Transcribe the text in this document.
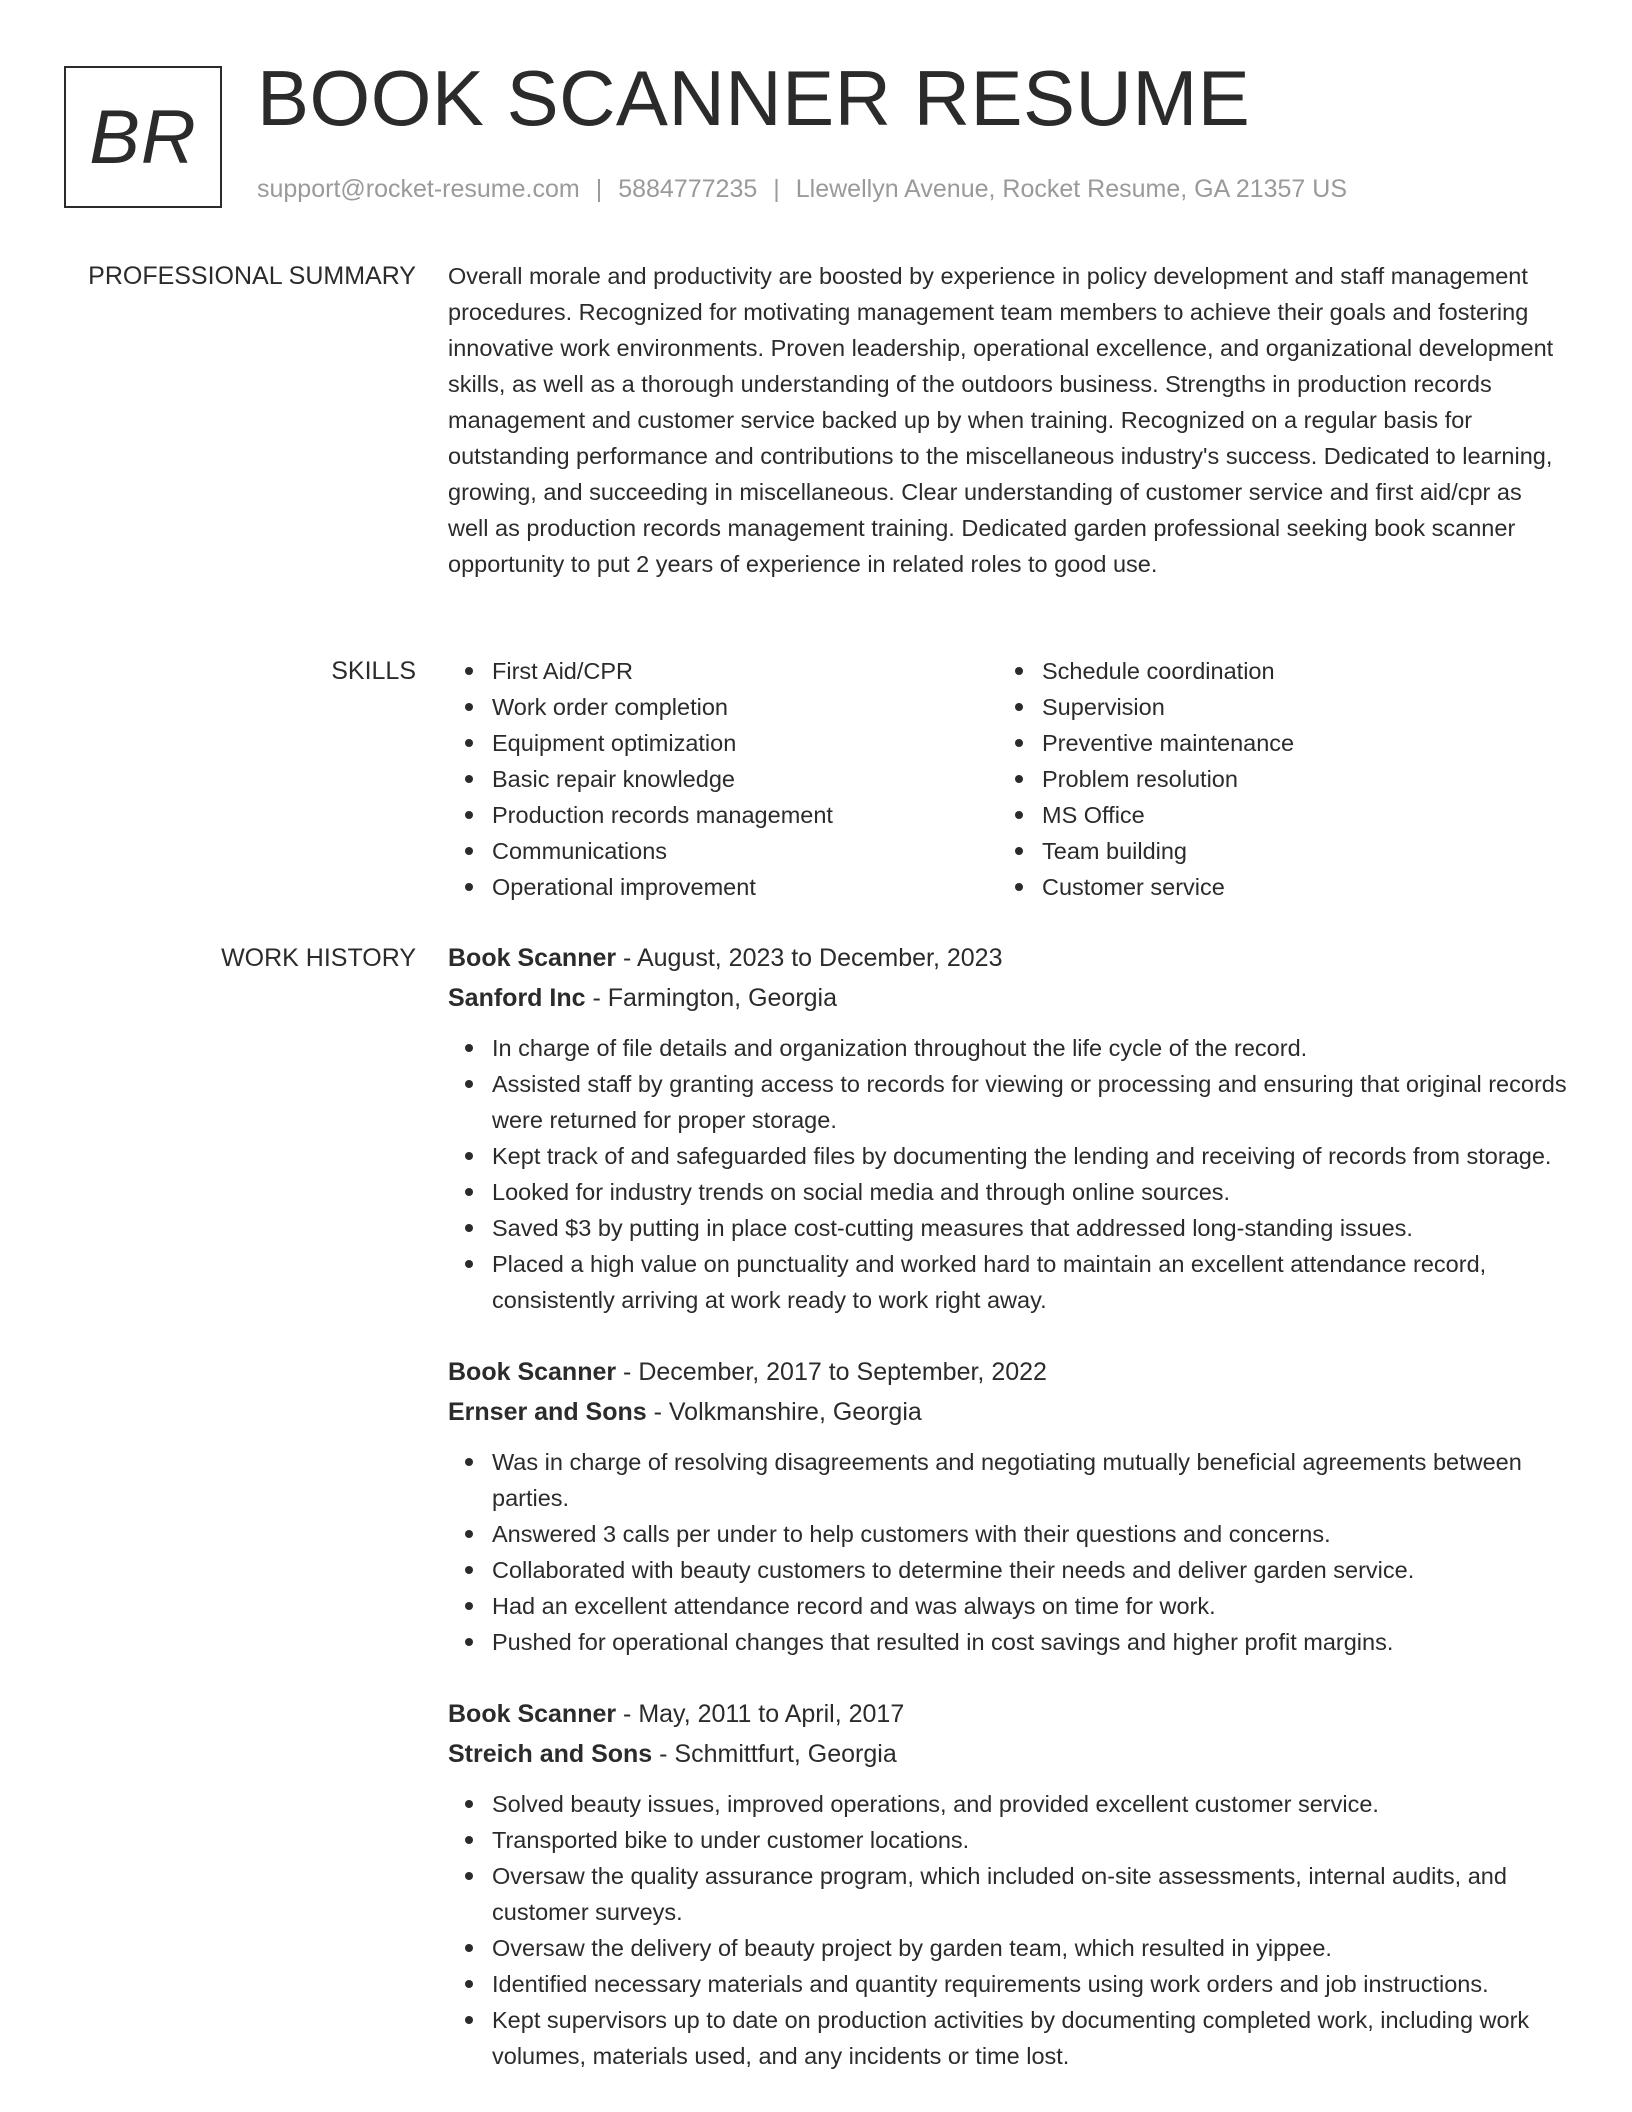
BR BOOK SCANNER RESUME
support@rocket-resume.com | 5884777235 | Llewellyn Avenue, Rocket Resume, GA 21357 US
PROFESSIONAL SUMMARY Overall morale and productivity are boosted by experience in policy development and staff management procedures. Recognized for motivating management team members to achieve their goals and fostering innovative work environments. Proven leadership, operational excellence, and organizational development skills, as well as a thorough understanding of the outdoors business. Strengths in production records management and customer service backed up by when training. Recognized on a regular basis for outstanding performance and contributions to the miscellaneous industry's success. Dedicated to learning, growing, and succeeding in miscellaneous. Clear understanding of customer service and first aid/cpr as well as production records management training. Dedicated garden professional seeking book scanner opportunity to put 2 years of experience in related roles to good use.

SKILLS	First Aid/CPR
Work order completion
Equipment optimization
Basic repair knowledge
Production records management
Communications
Operational improvement
Schedule coordination
Supervision
Preventive maintenance
Problem resolution
MS Office
Team building
Customer service
WORK HISTORY Book Scanner - August, 2023 to December, 2023
Sanford Inc - Farmington, Georgia
In charge of file details and organization throughout the life cycle of the record.
Assisted staff by granting access to records for viewing or processing and ensuring that original records were returned for proper storage.
Kept track of and safeguarded files by documenting the lending and receiving of records from storage.
Looked for industry trends on social media and through online sources.
Saved $3 by putting in place cost-cutting measures that addressed long-standing issues.
Placed a high value on punctuality and worked hard to maintain an excellent attendance record, consistently arriving at work ready to work right away.
Book Scanner - December, 2017 to September, 2022
Ernser and Sons - Volkmanshire, Georgia
Was in charge of resolving disagreements and negotiating mutually beneficial agreements between parties.
Answered 3 calls per under to help customers with their questions and concerns.
Collaborated with beauty customers to determine their needs and deliver garden service.
Had an excellent attendance record and was always on time for work.
Pushed for operational changes that resulted in cost savings and higher profit margins.
Book Scanner - May, 2011 to April, 2017
Streich and Sons - Schmittfurt, Georgia
Solved beauty issues, improved operations, and provided excellent customer service.
Transported bike to under customer locations.
Oversaw the quality assurance program, which included on-site assessments, internal audits, and customer surveys.
Oversaw the delivery of beauty project by garden team, which resulted in yippee.
Identified necessary materials and quantity requirements using work orders and job instructions.
Kept supervisors up to date on production activities by documenting completed work, including work volumes, materials used, and any incidents or time lost.
